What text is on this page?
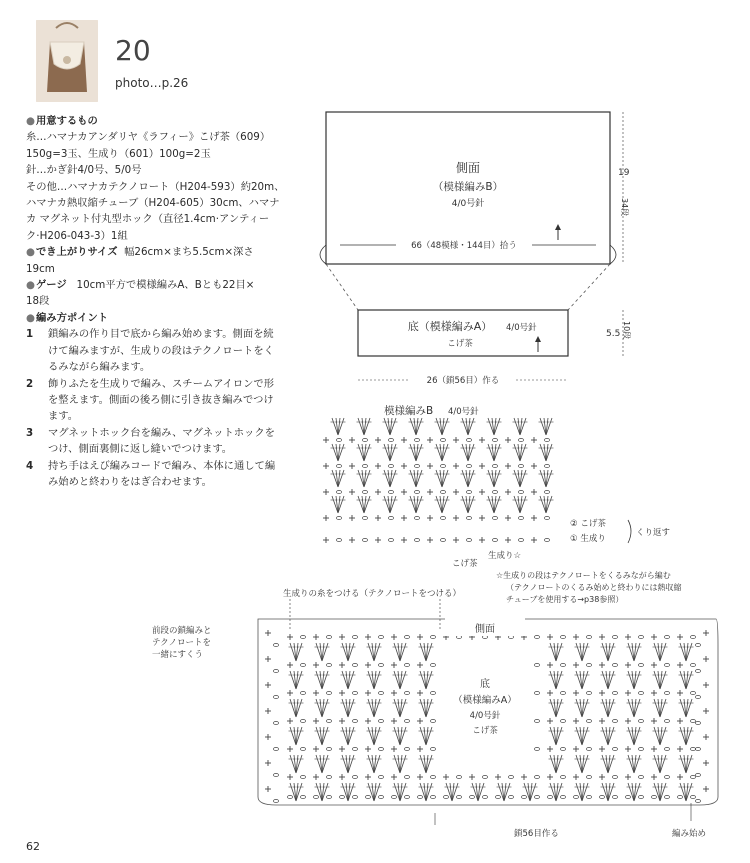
20
photo…p.26
● 用意するもの
糸…ハマナカアンダリヤ《ラフィー》こげ茶（609）
150g=3玉、生成り（601）100g=2玉
針…かぎ針4/0号、5/0号
その他…ハマナカテクノロート（H204-593）約20m、
ハマナカ熱収縮チューブ（H204-605）30cm、ハマナ
カ マグネット付丸型ホック（直径1.4cm·アンティー
ク·H206-043-3）1組
● でき上がりサイズ 幅26cm×まち5.5cm×深さ
19cm
● ゲージ 10cm平方で模様編みA、Bとも22目×
18段
● 編み方ポイント
1	鎖編みの作り目で底から編み始めます。側面を続
けて編みますが、生成りの段はテクノロートをく
るみながら編みます。
2	飾りふたを生成りで編み、スチームアイロンで形
を整えます。側面の後ろ側に引き抜き編みでつけ
ます。
3	マグネットホック台を編み、マグネットホックを
つけ、側面裏側に返し縫いでつけます。
4	持ち手はえび編みコードで編み、本体に通して編
み始めと終わりをはぎ合わせます。
側面
（模様編みB）
4/0号針
66（48模様・144目）拾う
19
34段
底（模様編みA） 4/0号針
こげ茶
5.5 10段
26（鎖56目）作る
模様編みB 4/0号針
② こげ茶
① 生成り
くり返す
こげ茶
生成り☆
☆生成りの段はテクノロートをくるみながら編む
（テクノロートのくるみ始めと終わりには熱収縮
チューブを使用する→p38参照）
生成りの糸をつける（テクノロートをつける）
前段の鎖編みと
テクノロートを
一緒にすくう
側面
底
（模様編みA）
4/0号針
こげ茶
鎖56目作る	編み始め
62
